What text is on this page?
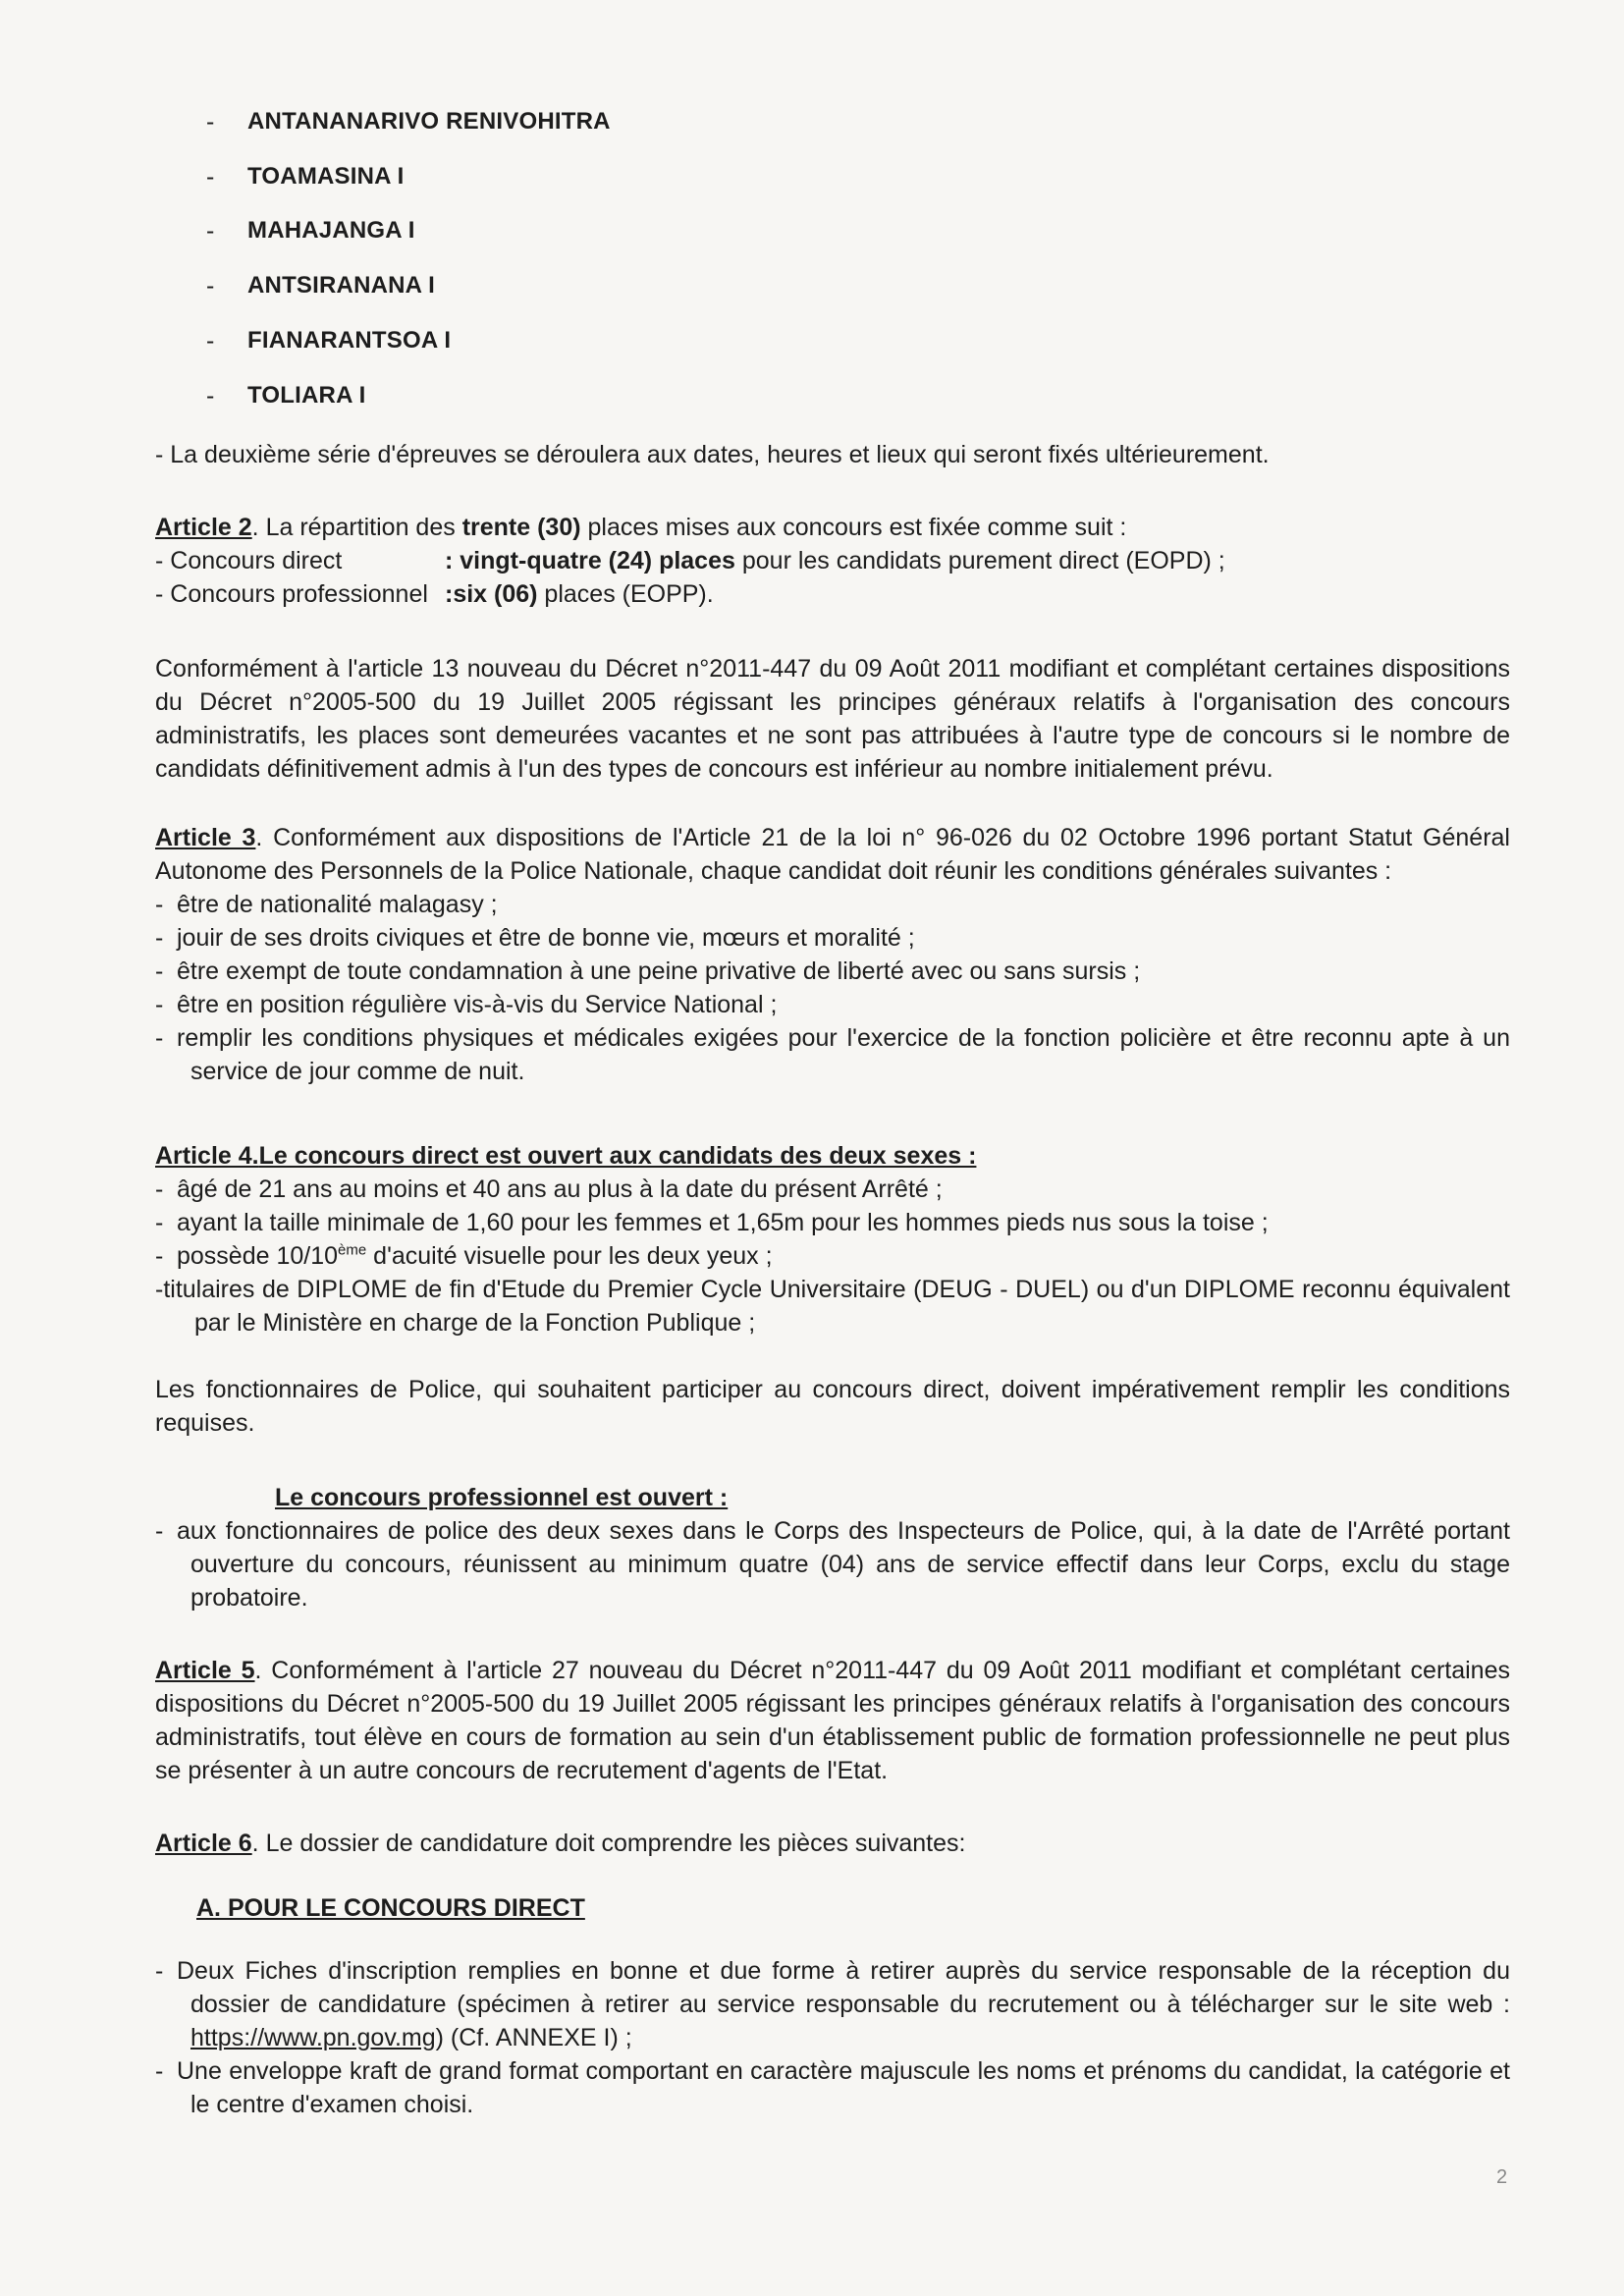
-	ANTANANARIVO RENIVOHITRA
-	TOAMASINA I
-	MAHAJANGA I
-	ANTSIRANANA I
-	FIANARANTSOA I
-	TOLIARA I
- La deuxième série d'épreuves se déroulera aux dates, heures et lieux qui seront fixés ultérieurement.
Article 2. La répartition des trente (30) places mises aux concours est fixée comme suit :
- Concours direct	: vingt-quatre (24) places pour les candidats purement direct (EOPD) ;
- Concours professionnel :six (06) places (EOPP).
Conformément à l'article 13 nouveau du Décret n°2011-447 du 09 Août 2011 modifiant et complétant certaines dispositions du Décret n°2005-500 du 19 Juillet 2005 régissant les principes généraux relatifs à l'organisation des concours administratifs, les places sont demeurées vacantes et ne sont pas attribuées à l'autre type de concours si le nombre de candidats définitivement admis à l'un des types de concours est inférieur au nombre initialement prévu.
Article 3. Conformément aux dispositions de l'Article 21 de la loi n° 96-026 du 02 Octobre 1996 portant Statut Général Autonome des Personnels de la Police Nationale, chaque candidat doit réunir les conditions générales suivantes :
- être de nationalité malagasy ;
- jouir de ses droits civiques et être de bonne vie, mœurs et moralité ;
- être exempt de toute condamnation à une peine privative de liberté avec ou sans sursis ;
- être en position régulière vis-à-vis du Service National ;
- remplir les conditions physiques et médicales exigées pour l'exercice de la fonction policière et être reconnu apte à un service de jour comme de nuit.
Article 4.Le concours direct est ouvert aux candidats des deux sexes :
- âgé de 21 ans au moins et 40 ans au plus à la date du présent Arrêté ;
- ayant la taille minimale de 1,60 pour les femmes et 1,65m pour les hommes pieds nus sous la toise ;
- possède 10/10ème d'acuité visuelle pour les deux yeux ;
-titulaires de DIPLOME de fin d'Etude du Premier Cycle Universitaire (DEUG - DUEL) ou d'un DIPLOME reconnu équivalent par le Ministère en charge de la Fonction Publique ;
Les fonctionnaires de Police, qui souhaitent participer au concours direct, doivent impérativement remplir les conditions requises.
Le concours professionnel est ouvert :
- aux fonctionnaires de police des deux sexes dans le Corps des Inspecteurs de Police, qui, à la date de l'Arrêté portant ouverture du concours, réunissent au minimum quatre (04) ans de service effectif dans leur Corps, exclu du stage probatoire.
Article 5. Conformément à l'article 27 nouveau du Décret n°2011-447 du 09 Août 2011 modifiant et complétant certaines dispositions du Décret n°2005-500 du 19 Juillet 2005 régissant les principes généraux relatifs à l'organisation des concours administratifs, tout élève en cours de formation au sein d'un établissement public de formation professionnelle ne peut plus se présenter à un autre concours de recrutement d'agents de l'Etat.
Article 6. Le dossier de candidature doit comprendre les pièces suivantes:
A. POUR LE CONCOURS DIRECT
- Deux Fiches d'inscription remplies en bonne et due forme à retirer auprès du service responsable de la réception du dossier de candidature (spécimen à retirer au service responsable du recrutement ou à télécharger sur le site web : https://www.pn.gov.mg) (Cf. ANNEXE I) ;
- Une enveloppe kraft de grand format comportant en caractère majuscule les noms et prénoms du candidat, la catégorie et le centre d'examen choisi.
2
